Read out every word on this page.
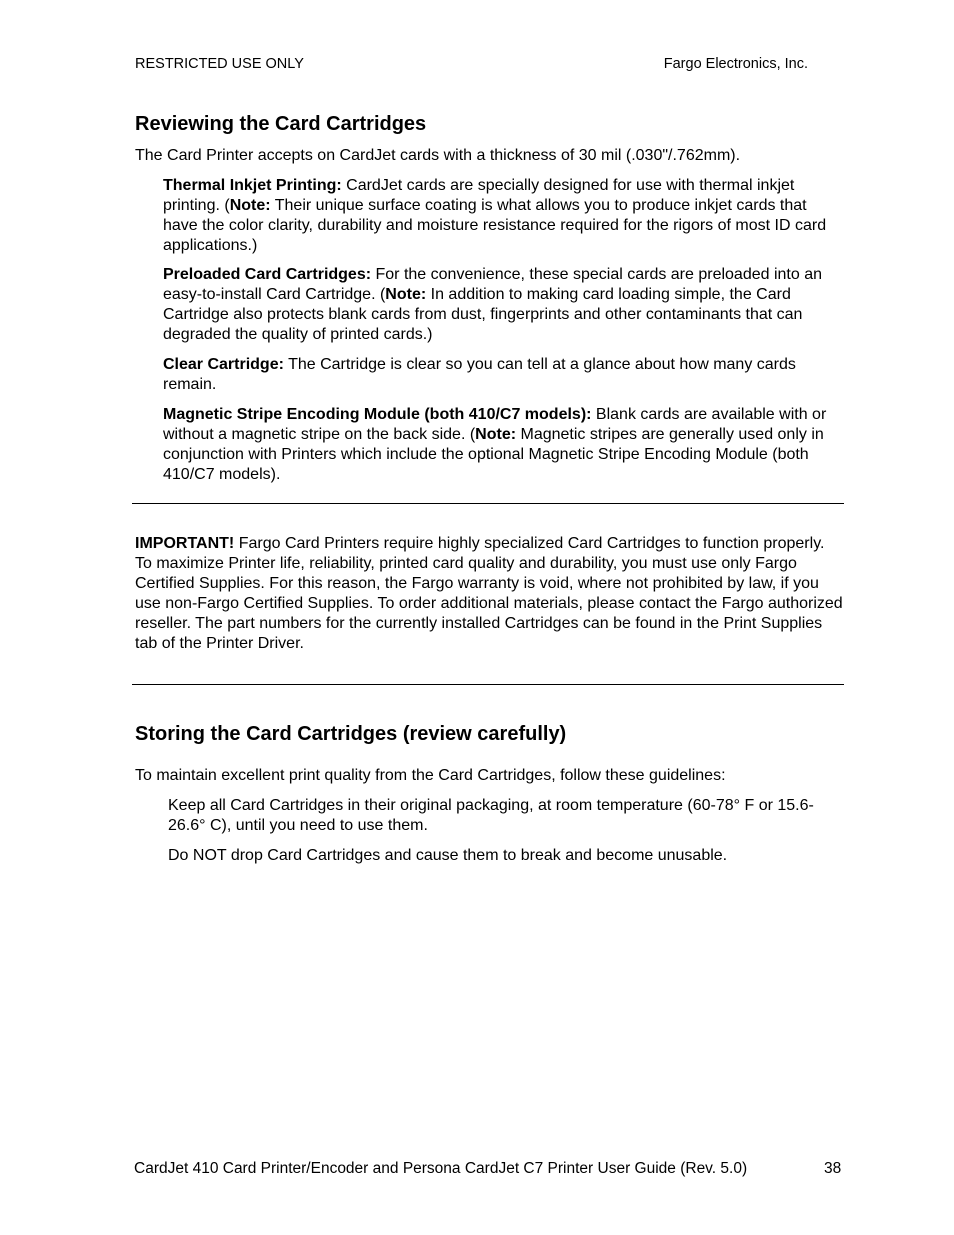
RESTRICTED USE ONLY	Fargo Electronics, Inc.
Reviewing the Card Cartridges

The Card Printer accepts on CardJet cards with a thickness of 30 mil (.030"/.762mm).

Thermal Inkjet Printing: CardJet cards are specially designed for use with thermal inkjet printing. (Note: Their unique surface coating is what allows you to produce inkjet cards that have the color clarity, durability and moisture resistance required for the rigors of most ID card applications.)

Preloaded Card Cartridges: For the convenience, these special cards are preloaded into an easy-to-install Card Cartridge. (Note: In addition to making card loading simple, the Card Cartridge also protects blank cards from dust, fingerprints and other contaminants that can degraded the quality of printed cards.)

Clear Cartridge: The Cartridge is clear so you can tell at a glance about how many cards remain.

Magnetic Stripe Encoding Module (both 410/C7 models): Blank cards are available with or without a magnetic stripe on the back side. (Note: Magnetic stripes are generally used only in conjunction with Printers which include the optional Magnetic Stripe Encoding Module (both 410/C7 models).

IMPORTANT! Fargo Card Printers require highly specialized Card Cartridges to function properly. To maximize Printer life, reliability, printed card quality and durability, you must use only Fargo Certified Supplies. For this reason, the Fargo warranty is void, where not prohibited by law, if you use non-Fargo Certified Supplies. To order additional materials, please contact the Fargo authorized reseller. The part numbers for the currently installed Cartridges can be found in the Print Supplies tab of the Printer Driver.

Storing the Card Cartridges (review carefully)

To maintain excellent print quality from the Card Cartridges, follow these guidelines:

Keep all Card Cartridges in their original packaging, at room temperature (60-78° F or 15.6-26.6° C), until you need to use them.

Do NOT drop Card Cartridges and cause them to break and become unusable.

CardJet 410 Card Printer/Encoder and Persona CardJet C7 Printer User Guide (Rev. 5.0)	38
